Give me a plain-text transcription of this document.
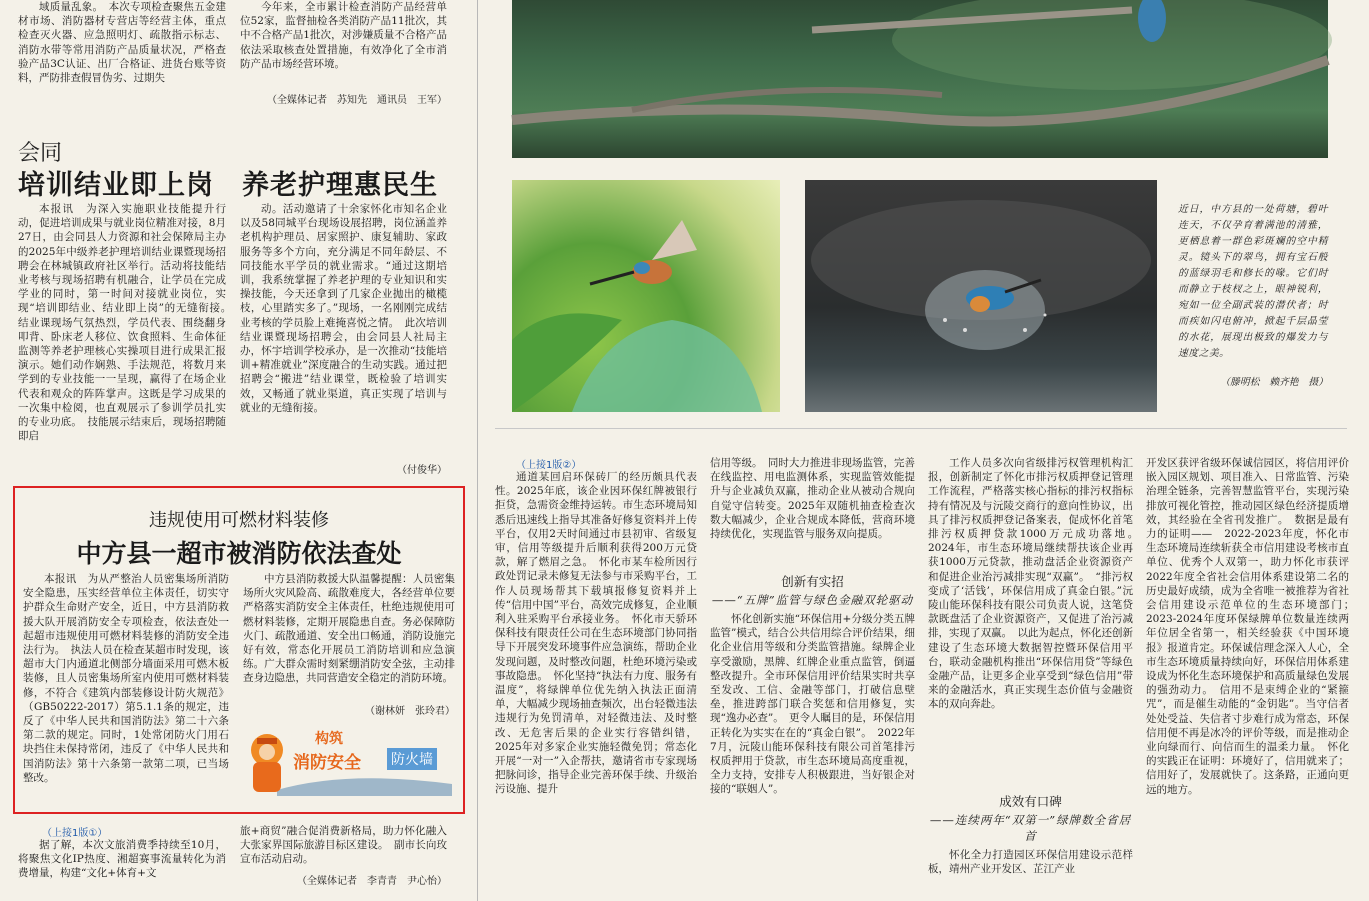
域质量乱象。　本次专项检查聚焦五金建材市场、消防器材专营店等经营主体，重点检查灭火器、应急照明灯、疏散指示标志、消防水带等常用消防产品质量状况，严格查验产品3C认证、出厂合格证、进货台账等资料，严防排查假冒伪劣、过期失

今年来，全市累计检查消防产品经营单位52家，监督抽检各类消防产品11批次，其中不合格产品1批次，对涉嫌质量不合格产品依法采取核查处置措施，有效净化了全市消防产品市场经营环境。

（全媒体记者　苏知先　通讯员　王军）
会同
培训结业即上岗　养老护理惠民生

本报讯　为深入实施职业技能提升行动，促进培训成果与就业岗位精准对接，8月27日，由会同县人力资源和社会保障局主办的2025年中级养老护理培训结业课暨现场招聘会在林城镇政府社区举行。活动将技能结业考核与现场招聘有机融合，让学员在完成学业的同时，第一时间对接就业岗位，实现“培训即结业、结业即上岗”的无缝衔接。　结业课现场气氛热烈，学员代表、围绕翻身叩背、卧床老人移位、饮食照料、生命体征监测等养老护理核心实操项目进行成果汇报演示。她们动作娴熟、手法规范，将数月来学到的专业技能一一呈现，赢得了在场企业代表和观众的阵阵掌声。这既是学习成果的一次集中检阅，也直观展示了参训学员扎实的专业功底。　技能展示结束后，现场招聘随即启

动。活动邀请了十余家怀化市知名企业以及58同城平台现场设展招聘，岗位涵盖养老机构护理员、居家照护、康复辅助、家政服务等多个方向，充分满足不同年龄层、不同技能水平学员的就业需求。“通过这期培训，我系统掌握了养老护理的专业知识和实操技能，今天还拿到了几家企业抛出的橄榄枝，心里踏实多了。”现场，一名刚刚完成结业考核的学员脸上难掩喜悦之情。　此次培训结业课暨现场招聘会，由会同县人社局主办，怀宇培训学校承办，是一次推动“技能培训+精准就业”深度融合的生动实践。通过把招聘会“搬进”结业课堂，既检验了培训实效，又畅通了就业渠道，真正实现了培训与就业的无缝衔接。

（付俊华）
违规使用可燃材料装修
中方县一超市被消防依法查处

本报讯　为从严整治人员密集场所消防安全隐患，压实经营单位主体责任，切实守护群众生命财产安全，近日，中方县消防救援大队开展消防安全专项检查，依法查处一起超市违规使用可燃材料装修的消防安全违法行为。　执法人员在检查某超市时发现，该超市大门内通道北侧部分墙面采用可燃木板装修，且人员密集场所室内使用可燃材料装修，不符合《建筑内部装修设计防火规范》（GB50222-2017）第5.1.1条的规定，违反了《中华人民共和国消防法》第二十六条第二款的规定。同时，1处常闭防火门用石块挡住未保持常闭，违反了《中华人民共和国消防法》第十六条第一款第二项，已当场整改。

中方县消防救援大队温馨提醒：人员密集场所火灾风险高、疏散难度大，各经营单位要严格落实消防安全主体责任，杜绝违规使用可燃材料装修，定期开展隐患自查。务必保障防火门、疏散通道、安全出口畅通，消防设施完好有效，常态化开展员工消防培训和应急演练。广大群众需时刻紧绷消防安全弦，主动排查身边隐患，共同营造安全稳定的消防环境。

（谢林妍　张玲君）
构筑
消防安全 防火墙
（上接1版①）

据了解，本次文旅消费季持续至10月，将聚焦文化IP热度、湘超赛事流量转化为消费增量，构建“文化+体育+文

旅+商贸”融合促消费新格局，助力怀化融入大张家界国际旅游目标区建设。　副市长向玫宣布活动启动。

（全媒体记者　李青青　尹心怡）
近日，中方县的一处荷塘，碧叶连天，不仅孕育着满池的清雅，更栖息着一群色彩斑斓的空中精灵。镜头下的翠鸟，拥有宝石般的蓝绿羽毛和修长的喙。它们时而静立于枝杈之上，眼神锐利，宛如一位全副武装的潜伏者；时而疾如闪电俯冲，掀起千层晶莹的水花，展现出极致的爆发力与速度之美。
（滕明松　赖齐艳　摄）
（上接1版②）

通道某回启环保砖厂的经历颇具代表性。2025年底，该企业因环保红牌被银行拒贷，急需资金维持运转。市生态环境局知悉后迅速线上指导其准备好修复资料并上传平台，仅用2天时间通过市县初审、省级复审，信用等级提升后顺利获得200万元贷款，解了燃眉之急。　怀化市某车检所因行政处罚记录未修复无法参与市采购平台，工作人员现场帮其下载填报修复资料并上传“信用中国”平台，高效完成修复，企业顺利入驻采购平台承接业务。　怀化市天骄环保科技有限责任公司在生态环境部门协同指导下开展突发环境事件应急演练，帮助企业发现问题，及时整改问题，杜绝环境污染或事故隐患。　怀化坚持“执法有力度、服务有温度”，将绿牌单位优先纳入执法正面清单，大幅减少现场抽查频次，出台轻微违法违规行为免罚清单，对轻微违法、及时整改、无危害后果的企业实行容错纠错，2025年对多家企业实施轻微免罚；常态化开展“一对一”入企帮扶，邀请省市专家现场把脉问诊，指导企业完善环保手续、升级治污设施、提升

信用等级。　同时大力推进非现场监管，完善在线监控、用电监测体系，实现监管效能提升与企业减负双赢，推动企业从被动合规向自觉守信转变。2025年双随机抽查检查次数大幅减少，企业合规成本降低，营商环境持续优化，实现监管与服务双向提质。

创新有实招
——“五牌”监管与绿色金融双轮驱动

怀化创新实施“环保信用+分级分类五牌监管”模式，结合公共信用综合评价结果，细化企业信用等级和分类监管措施。绿牌企业享受激励，黑牌、红牌企业重点监管，倒逼整改提升。全市环保信用评价结果实时共享至发改、工信、金融等部门，打破信息壁垒，推进跨部门联合奖惩和信用修复，实现“逸办必查”。　更令人瞩目的是，环保信用正转化为实实在在的“真金白银”。　2022年7月，沅陵山能环保科技有限公司首笔排污权质押用于贷款，市生态环境局高度重视，全力支持，安排专人积极跟进，当好银企对接的“联姻人”。

工作人员多次向省级排污权管理机构汇报，创新制定了怀化市排污权质押登记管理工作流程，严格落实核心指标的排污权指标持有情况及与沅陵交商行的意向性协议，出具了排污权质押登记备案表，促成怀化首笔排污权质押贷款1000万元成功落地。　2024年，市生态环境局继续帮扶该企业再获1000万元贷款，推动盘活企业资源资产和促进企业治污减排实现“双赢”。　“排污权变成了‘活钱’，环保信用成了真金白银。”沅陵山能环保科技有限公司负责人说，这笔贷款既盘活了企业资源资产，又促进了治污减排，实现了双赢。　以此为起点，怀化还创新建设了生态环境大数据智控暨环保信用平台，联动金融机构推出“环保信用贷”等绿色金融产品，让更多企业享受到“绿色信用”带来的金融活水，真正实现生态价值与金融资本的双向奔赴。

成效有口碑
——连续两年“双第一”绿牌数全省居首

怀化全力打造园区环保信用建设示范样板，靖州产业开发区、芷江产业

开发区获评省级环保诚信园区，将信用评价嵌入园区规划、项目准入、日常监管、污染治理全链条，完善智慧监管平台，实现污染排放可视化管控，推动园区绿色经济提质增效，其经验在全省刊发推广。　数据是最有力的证明——　2022-2023年度，怀化市生态环境局连续斩获全市信用建设考核市直单位、优秀个人双第一，助力怀化市获评2022年度全省社会信用体系建设第二名的历史最好成绩，成为全省唯一被推荐为省社会信用建设示范单位的生态环境部门；　2023-2024年度环保绿牌单位数量连续两年位居全省第一，相关经验获《中国环境报》报道肯定。环保诚信理念深入人心，全市生态环境质量持续向好，环保信用体系建设成为怀化生态环境保护和高质量绿色发展的强劲动力。　信用不是束缚企业的“紧箍咒”，而是催生动能的“金钥匙”。当守信者处处受益、失信者寸步难行成为常态，环保信用便不再是冰冷的评价等级，而是推动企业向绿而行、向信而生的温柔力量。　怀化的实践正在证明：环境好了，信用就来了；信用好了，发展就快了。这条路，正通向更远的地方。
